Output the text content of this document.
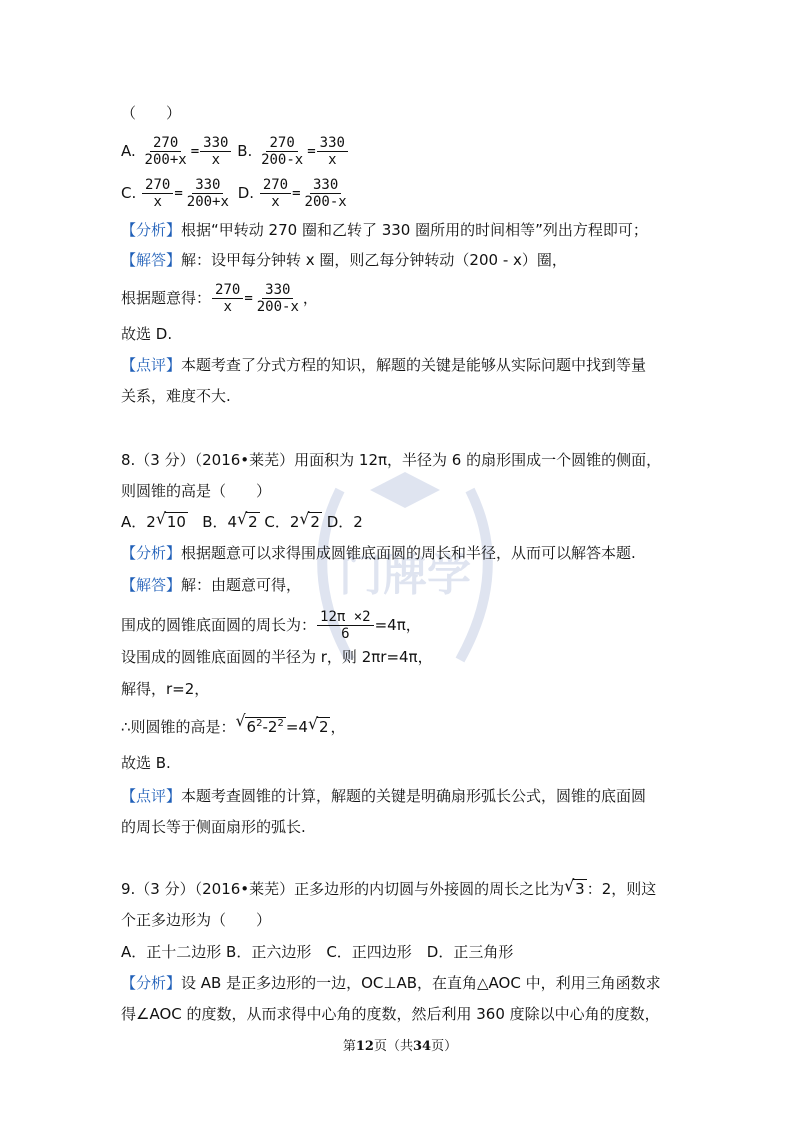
门牌学
（　　）
A. $\frac{270}{200+x} = \frac{330}{x} B$. $\frac{270}{200-x} = \frac{330}{x}$
C. $\frac{270}{x} = \frac{330}{200+x} D$. $\frac{270}{x} = \frac{330}{200-x}$
【分析】根据“甲转动 270 圈和乙转了 330 圈所用的时间相等”列出方程即可；
【解答】解：设甲每分钟转 x 圈，则乙每分钟转动（200 - x）圈，
根据题意得： $\frac{270}{x} = \frac{330}{200-x}$ ，
故选 D.
【点评】本题考查了分式方程的知识，解题的关键是能够从实际问题中找到等量
关系，难度不大.
8.（3 分）（2016•莱芜）用面积为 12π，半径为 6 的扇形围成一个圆锥的侧面，
则圆锥的高是（　　）
A．2 √ 10 B．4 √ 2 C．2 √ 2 D．2
【分析】根据题意可以求得围成圆锥底面圆的周长和半径，从而可以解答本题.
【解答】解：由题意可得，
围成的圆锥底面圆的周长为： $\frac{12\pi \times 2}{6} =4\pi$，
设围成的圆锥底面圆的半径为 r，则 2πr=4π，
解得，r=2，
∴则圆锥的高是： √ $6^2-2^2 =4$ √ 2 ，
故选 B.
【点评】本题考查圆锥的计算，解题的关键是明确扇形弧长公式，圆锥的底面圆
的周长等于侧面扇形的弧长.
9.（3 分）（2016•莱芜）正多边形的内切圆与外接圆的周长之比为 √ 3 ：2，则这
个正多边形为（　　）
A．正十二边形 B．正六边形　C．正四边形　D．正三角形
【分析】设 AB 是正多边形的一边，OC⊥AB，在直角△AOC 中，利用三角函数求
得∠AOC 的度数，从而求得中心角的度数，然后利用 360 度除以中心角的度数，
第12页（共34页）
